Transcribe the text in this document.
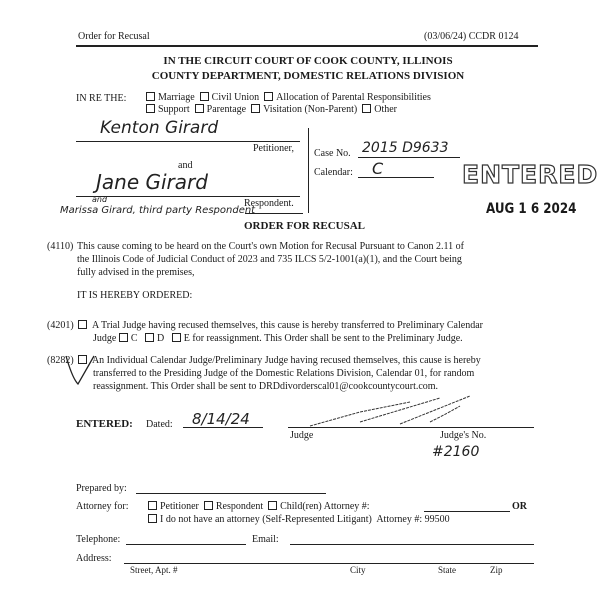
Order for Recusal	(03/06/24) CCDR 0124
IN THE CIRCUIT COURT OF COOK COUNTY, ILLINOIS
COUNTY DEPARTMENT, DOMESTIC RELATIONS DIVISION
IN RE THE:	Marriage Civil Union Allocation of Parental Responsibilities
Support Parentage Visitation (Non-Parent) Other
Kenton Girard
Petitioner,
and
Jane Girard
Respondent.
and
Marissa Girard, third party Respondent
Case No. 2015 D9633
Calendar: C	ENTERED
AUG 1 6 2024
ORDER FOR RECUSAL
(4110) This cause coming to be heard on the Court's own Motion for Recusal Pursuant to Canon 2.11 of
the Illinois Code of Judicial Conduct of 2023 and 735 ILCS 5/2-1001(a)(1), and the Court being
fully advised in the premises,
IT IS HEREBY ORDERED:
(4201)	A Trial Judge having recused themselves, this cause is hereby transferred to Preliminary Calendar
Judge C D E for reassignment. This Order shall be sent to the Preliminary Judge.
(8282)	An Individual Calendar Judge/Preliminary Judge having recused themselves, this cause is hereby
transferred to the Presiding Judge of the Domestic Relations Division, Calendar 01, for random
reassignment. This Order shall be sent to DRDdivorderscal01@cookcountycourt.com.
ENTERED: Dated: 8/14/24
Judge	Judge's No.
#2160
Prepared by:
Attorney for:	Petitioner Respondent Child(ren) Attorney #:	OR
I do not have an attorney (Self-Represented Litigant) Attorney #: 99500
Telephone:	Email:
Address:
Street, Apt. #	City	State	Zip
